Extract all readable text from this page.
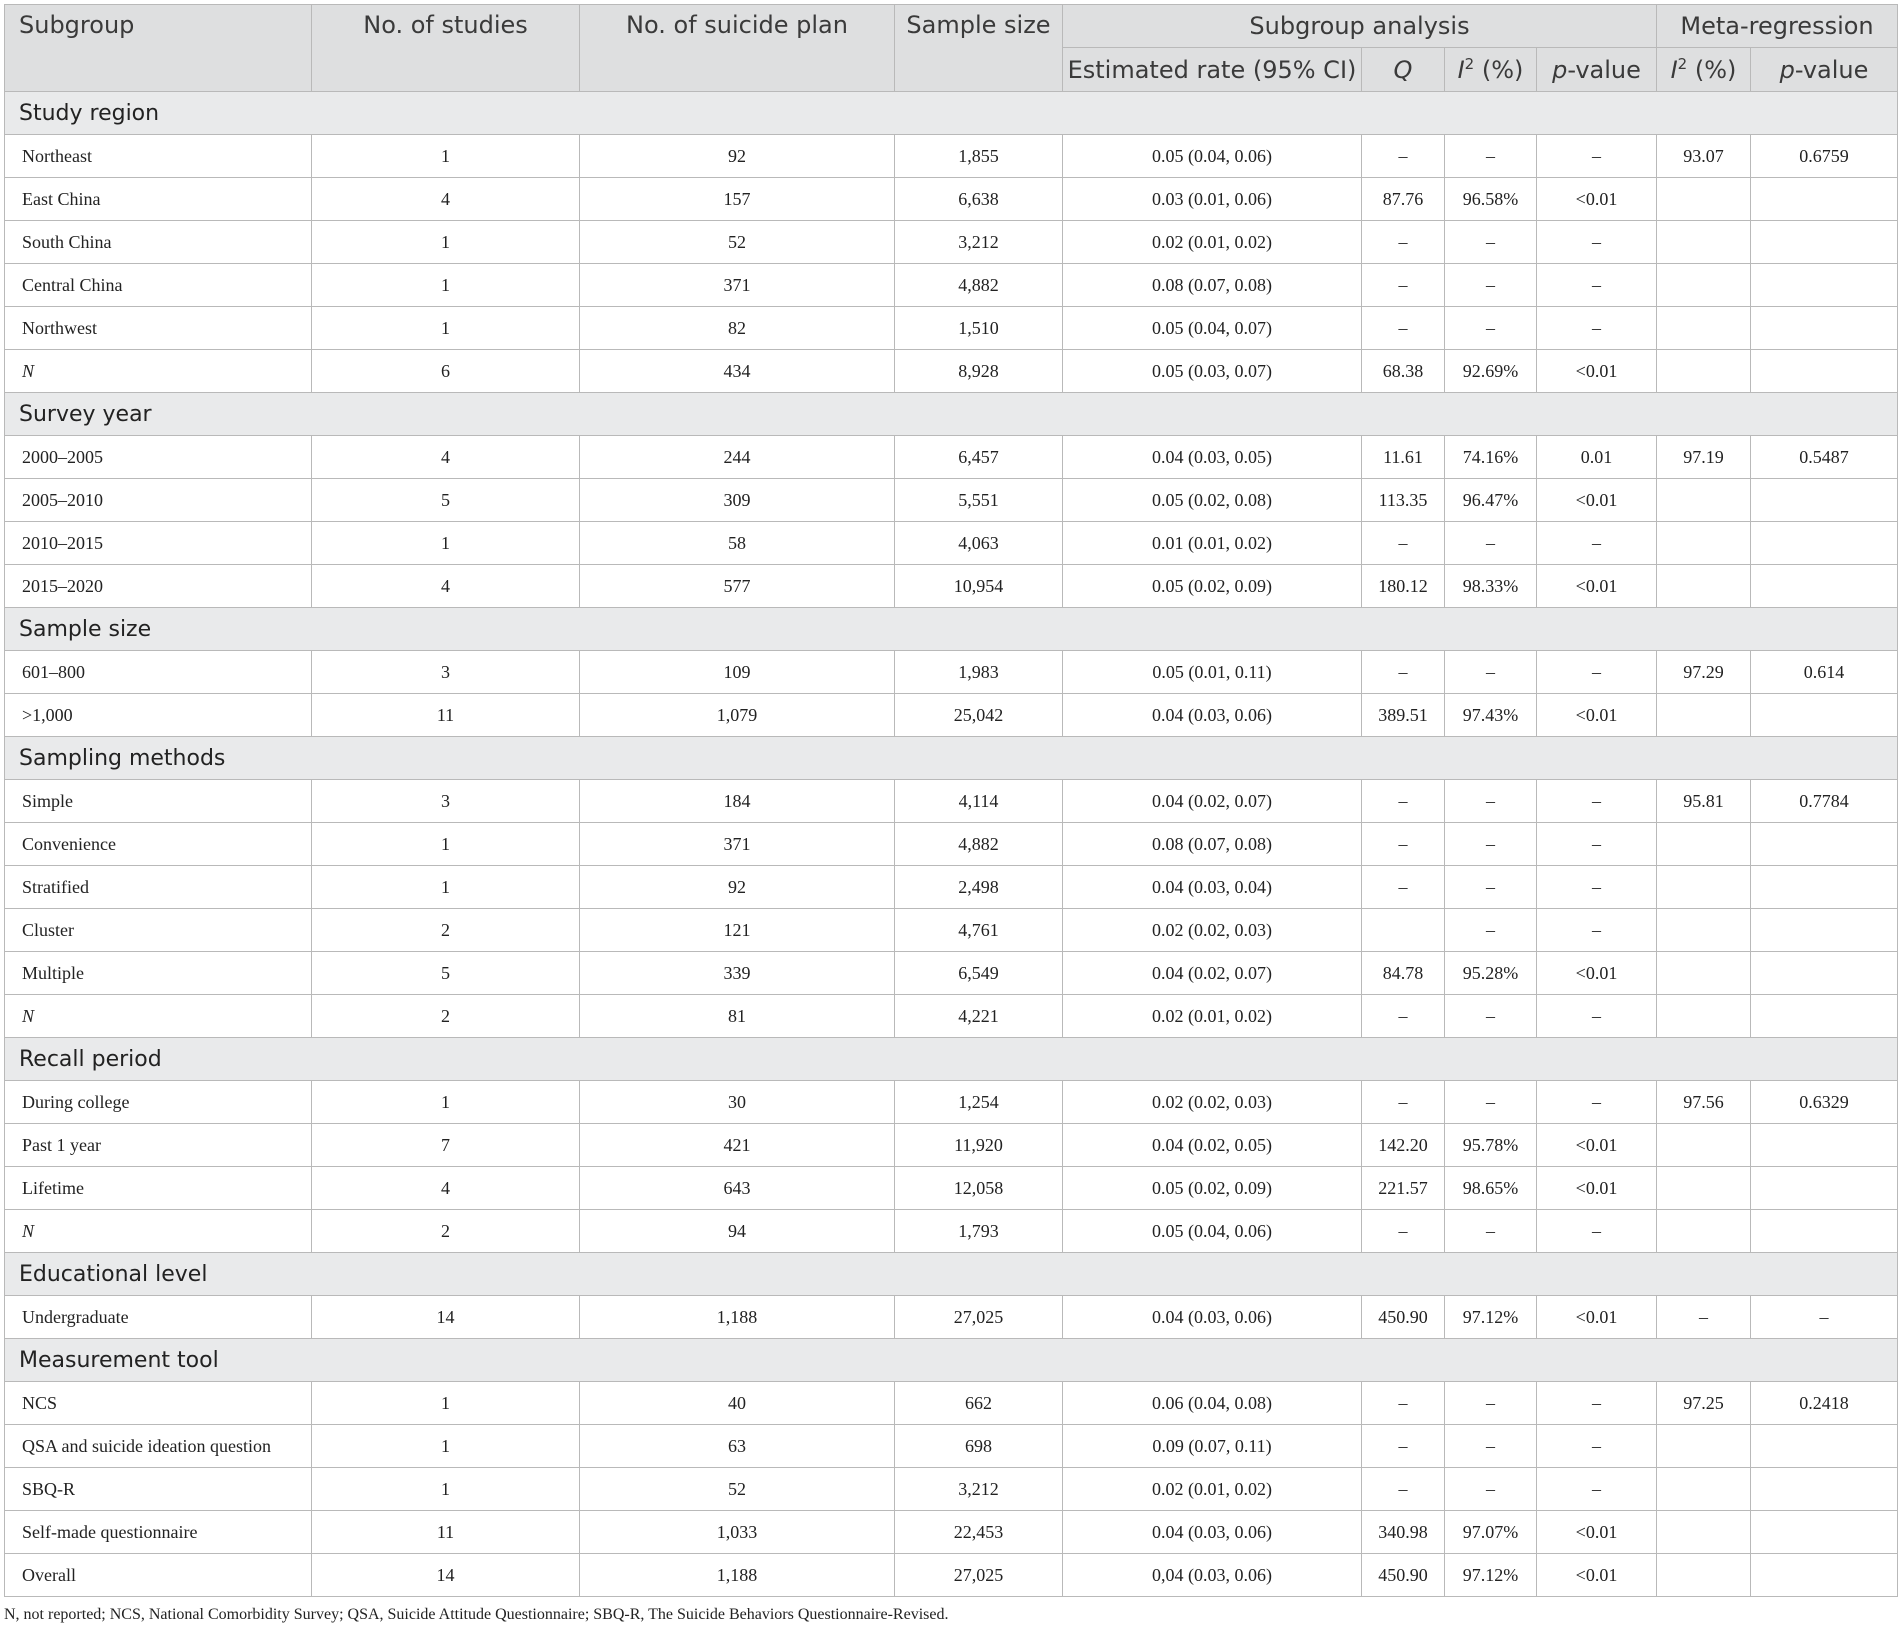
Subgroup	No. of studies	No. of suicide plan	Sample size	Subgroup analysis				Meta-regression	
				Estimated rate (95% CI)	Q	$I^2$ (%)	p-value	$I^2$ (%)	p-value
Study region									
Northeast	1	92	1,855	0.05 (0.04, 0.06)	–	–	–	93.07	0.6759
East China	4	157	6,638	0.03 (0.01, 0.06)	87.76	96.58%	<0.01		
South China	1	52	3,212	0.02 (0.01, 0.02)	–	–	–		
Central China	1	371	4,882	0.08 (0.07, 0.08)	–	–	–		
Northwest	1	82	1,510	0.05 (0.04, 0.07)	–	–	–		
N	6	434	8,928	0.05 (0.03, 0.07)	68.38	92.69%	<0.01		
Survey year									
2000–2005	4	244	6,457	0.04 (0.03, 0.05)	11.61	74.16%	0.01	97.19	0.5487
2005–2010	5	309	5,551	0.05 (0.02, 0.08)	113.35	96.47%	<0.01		
2010–2015	1	58	4,063	0.01 (0.01, 0.02)	–	–	–		
2015–2020	4	577	10,954	0.05 (0.02, 0.09)	180.12	98.33%	<0.01		
Sample size									
601–800	3	109	1,983	0.05 (0.01, 0.11)	–	–	–	97.29	0.614
>1,000	11	1,079	25,042	0.04 (0.03, 0.06)	389.51	97.43%	<0.01		
Sampling methods									
Simple	3	184	4,114	0.04 (0.02, 0.07)	–	–	–	95.81	0.7784
Convenience	1	371	4,882	0.08 (0.07, 0.08)	–	–	–		
Stratified	1	92	2,498	0.04 (0.03, 0.04)	–	–	–		
Cluster	2	121	4,761	0.02 (0.02, 0.03)		–	–		
Multiple	5	339	6,549	0.04 (0.02, 0.07)	84.78	95.28%	<0.01		
N	2	81	4,221	0.02 (0.01, 0.02)	–	–	–		
Recall period									
During college	1	30	1,254	0.02 (0.02, 0.03)	–	–	–	97.56	0.6329
Past 1 year	7	421	11,920	0.04 (0.02, 0.05)	142.20	95.78%	<0.01		
Lifetime	4	643	12,058	0.05 (0.02, 0.09)	221.57	98.65%	<0.01		
N	2	94	1,793	0.05 (0.04, 0.06)	–	–	–		
Educational level									
Undergraduate	14	1,188	27,025	0.04 (0.03, 0.06)	450.90	97.12%	<0.01	–	–
Measurement tool									
NCS	1	40	662	0.06 (0.04, 0.08)	–	–	–	97.25	0.2418
QSA and suicide ideation question	1	63	698	0.09 (0.07, 0.11)	–	–	–		
SBQ-R	1	52	3,212	0.02 (0.01, 0.02)	–	–	–		
Self-made questionnaire	11	1,033	22,453	0.04 (0.03, 0.06)	340.98	97.07%	<0.01		
Overall	14	1,188	27,025	0,04 (0.03, 0.06)	450.90	97.12%	<0.01		
N, not reported; NCS, National Comorbidity Survey; QSA, Suicide Attitude Questionnaire; SBQ-R, The Suicide Behaviors Questionnaire-Revised.
